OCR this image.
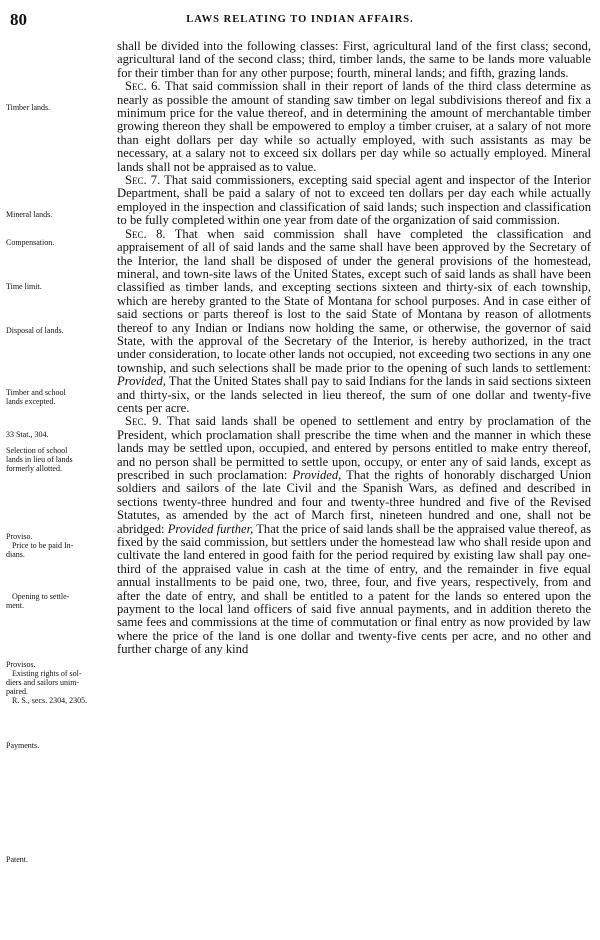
80	LAWS RELATING TO INDIAN AFFAIRS.
Timber lands.
Mineral lands.
Compensation.
Time limit.
Disposal of lands.
Timber and school
lands excepted.
33 Stat., 304.
Selection of school
lands in lieu of lands
formerly allotted.
Proviso.
Price to be paid In-
dians.
Opening to settle-
ment.
Provisos.
Existing rights of sol-
diers and sailors unim-
paired.
R. S., secs. 2304, 2305.
Payments.
Patent.

shall be divided into the following classes: First, agricultural land of the first class; second, agricultural land of the second class; third, timber lands, the same to be lands more valuable for their timber than for any other purpose; fourth, mineral lands; and fifth, grazing lands.

Sec. 6. That said commission shall in their report of lands of the third class determine as nearly as possible the amount of standing saw timber on legal subdivisions thereof and fix a minimum price for the value thereof, and in determining the amount of merchantable timber growing thereon they shall be empowered to employ a timber cruiser, at a salary of not more than eight dollars per day while so actually employed, with such assistants as may be necessary, at a salary not to exceed six dollars per day while so actually employed. Mineral lands shall not be appraised as to value.

Sec. 7. That said commissioners, excepting said special agent and inspector of the Interior Department, shall be paid a salary of not to exceed ten dollars per day each while actually employed in the inspection and classification of said lands; such inspection and classification to be fully completed within one year from date of the organization of said commission.

Sec. 8. That when said commission shall have completed the classification and appraisement of all of said lands and the same shall have been approved by the Secretary of the Interior, the land shall be disposed of under the general provisions of the homestead, mineral, and town-site laws of the United States, except such of said lands as shall have been classified as timber lands, and excepting sections sixteen and thirty-six of each township, which are hereby granted to the State of Montana for school purposes. And in case either of said sections or parts thereof is lost to the said State of Montana by reason of allotments thereof to any Indian or Indians now holding the same, or otherwise, the governor of said State, with the approval of the Secretary of the Interior, is hereby authorized, in the tract under consideration, to locate other lands not occupied, not exceeding two sections in any one township, and such selections shall be made prior to the opening of such lands to settlement: Provided, That the United States shall pay to said Indians for the lands in said sections sixteen and thirty-six, or the lands selected in lieu thereof, the sum of one dollar and twenty-five cents per acre.

Sec. 9. That said lands shall be opened to settlement and entry by proclamation of the President, which proclamation shall prescribe the time when and the manner in which these lands may be settled upon, occupied, and entered by persons entitled to make entry thereof, and no person shall be permitted to settle upon, occupy, or enter any of said lands, except as prescribed in such proclamation: Provided, That the rights of honorably discharged Union soldiers and sailors of the late Civil and the Spanish Wars, as defined and described in sections twenty-three hundred and four and twenty-three hundred and five of the Revised Statutes, as amended by the act of March first, nineteen hundred and one, shall not be abridged: Provided further, That the price of said lands shall be the appraised value thereof, as fixed by the said commission, but settlers under the homestead law who shall reside upon and cultivate the land entered in good faith for the period required by existing law shall pay one-third of the appraised value in cash at the time of entry, and the remainder in five equal annual installments to be paid one, two, three, four, and five years, respectively, from and after the date of entry, and shall be entitled to a patent for the lands so entered upon the payment to the local land officers of said five annual payments, and in addition thereto the same fees and commissions at the time of commutation or final entry as now provided by law where the price of the land is one dollar and twenty-five cents per acre, and no other and further charge of any kind
